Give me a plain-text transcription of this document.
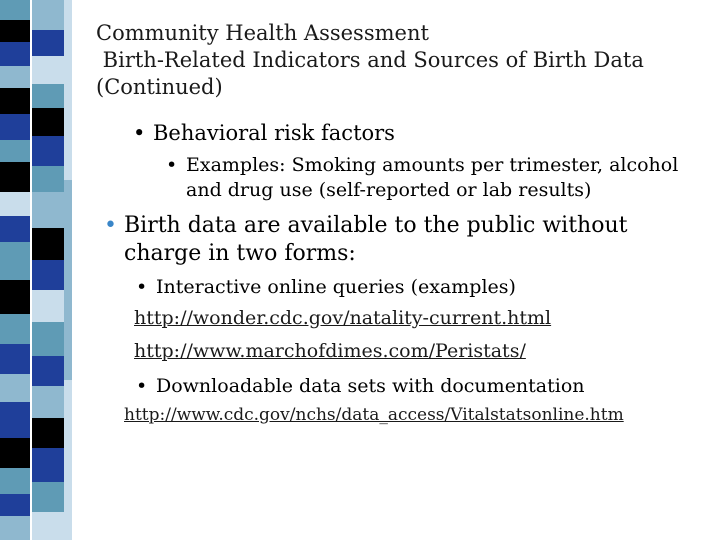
Community Health Assessment
Birth-Related Indicators and Sources of Birth Data
(Continued)
• Behavioral risk factors
• Examples: Smoking amounts per trimester, alcohol and drug use (self-reported or lab results)
• Birth data are available to the public without charge in two forms:
• Interactive online queries (examples)
http://wonder.cdc.gov/natality-current.html
http://www.marchofdimes.com/Peristats/
• Downloadable data sets with documentation
http://www.cdc.gov/nchs/data_access/Vitalstatsonline.htm
